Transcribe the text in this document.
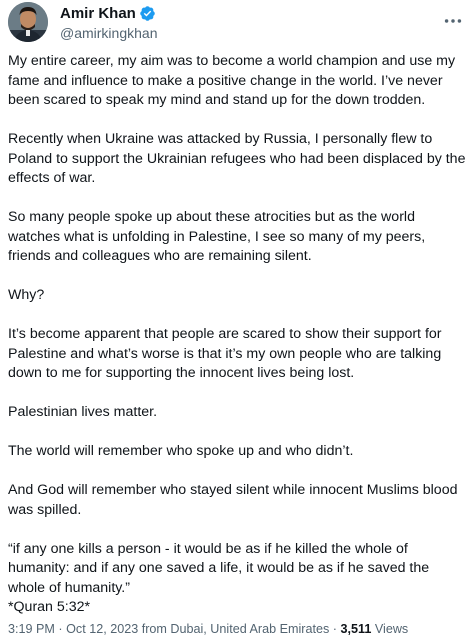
Amir Khan
@amirkingkhan

My entire career, my aim was to become a world champion and use my fame and influence to make a positive change in the world. I’ve never been scared to speak my mind and stand up for the down trodden.

Recently when Ukraine was attacked by Russia, I personally flew to Poland to support the Ukrainian refugees who had been displaced by the effects of war.

So many people spoke up about these atrocities but as the world watches what is unfolding in Palestine, I see so many of my peers, friends and colleagues who are remaining silent.

Why?

It’s become apparent that people are scared to show their support for Palestine and what’s worse is that it’s my own people who are talking down to me for supporting the innocent lives being lost.

Palestinian lives matter.

The world will remember who spoke up and who didn’t.

And God will remember who stayed silent while innocent Muslims blood was spilled.

“if any one kills a person - it would be as if he killed the whole of humanity: and if any one saved a life, it would be as if he saved the whole of humanity.”

*Quran 5:32*

3:19 PM · Oct 12, 2023 from Dubai, United Arab Emirates · 3,511 Views
